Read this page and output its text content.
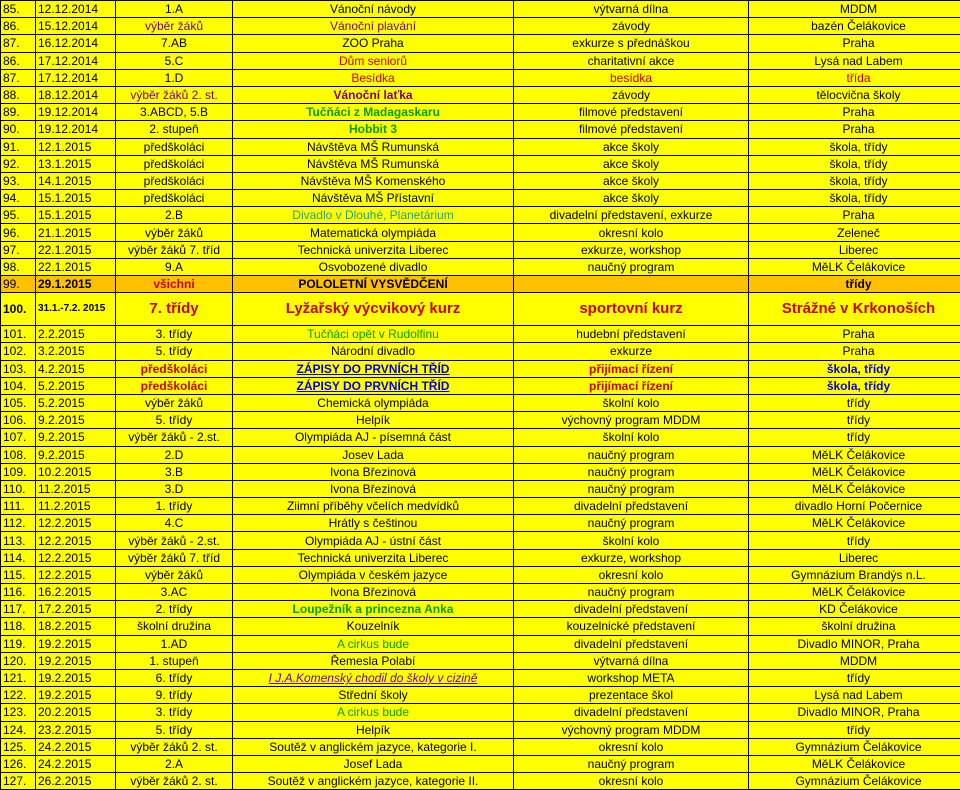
85.	12.12.2014	1.A	Vánoční návody	výtvarná dílna	MDDM
86.	15.12.2014	výběr žáků	Vánoční plavání	závody	bazén Čelákovice
87.	16.12.2014	7.AB	ZOO Praha	exkurze s přednáškou	Praha
86.	17.12.2014	5.C	Dům seniorů	charitativní akce	Lysá nad Labem
87.	17.12.2014	1.D	Besídka	besídka	třída
88.	18.12.2014	výběr žáků 2. st.	Vánoční laťka	závody	tělocvična školy
89.	19.12.2014	3.ABCD, 5.B	Tučňáci z Madagaskaru	filmové představení	Praha
90.	19.12.2014	2. stupeň	Hobbit 3	filmové představení	Praha
91.	12.1.2015	předškoláci	Návštěva MŠ Rumunská	akce školy	škola, třídy
92.	13.1.2015	předškoláci	Návštěva MŠ Rumunská	akce školy	škola, třídy
93.	14.1.2015	předškoláci	Návštěva MŠ Komenského	akce školy	škola, třídy
94.	15.1.2015	předškoláci	Návštěva MŠ Přístavní	akce školy	škola, třídy
95.	15.1.2015	2.B	Divadlo v Dlouhé, Planetárium	divadelní představení, exkurze	Praha
96.	21.1.2015	výběr žáků	Matematická olympiáda	okresní kolo	Zeleneč
97.	22.1.2015	výběr žáků 7. tříd	Technická univerzita Liberec	exkurze, workshop	Liberec
98.	22.1.2015	9.A	Osvobozené divadlo	naučný program	MěLK Čelákovice
99.	29.1.2015	všichni	POLOLETNÍ VYSVĚDČENÍ		třídy
100.	31.1.-7.2. 2015	7. třídy	Lyžařský výcvikový kurz	sportovní kurz	Strážné v Krkonoších
101.	2.2.2015	3. třídy	Tučňáci opět v Rudolfinu	hudební představení	Praha
102.	3.2.2015	5. třídy	Národní divadlo	exkurze	Praha
103.	4.2.2015	předškoláci	ZÁPISY DO PRVNÍCH TŘÍD	přijímací řízení	škola, třídy
104.	5.2.2015	předškoláci	ZÁPISY DO PRVNÍCH TŘÍD	přijímací řízení	škola, třídy
105.	5.2.2015	výběr žáků	Chemická olympiáda	školní kolo	třídy
106.	9.2.2015	5. třídy	Helpík	výchovný program MDDM	třídy
107.	9.2.2015	výběr žáků - 2.st.	Olympiáda AJ - písemná část	školní kolo	třídy
108.	9.2.2015	2.D	Josev Lada	naučný program	MěLK Čelákovice
109.	10.2.2015	3.B	Ivona Březinová	naučný program	MěLK Čelákovice
110.	11.2.2015	3.D	Ivona Březinová	naučný program	MěLK Čelákovice
111.	11.2.2015	1. třídy	Ziimní příběhy včelích medvídků	divadelní představení	divadlo Horní Počernice
112.	12.2.2015	4.C	Hrátly s češtinou	naučný program	MěLK Čelákovice
113.	12.2.2015	výběr žáků - 2.st.	Olympiáda AJ - ústní část	školní kolo	třídy
114.	12.2.2015	výběr žáků 7. tříd	Technická univerzita Liberec	exkurze, workshop	Liberec
115.	12.2.2015	výběr žáků	Olympiáda v českém jazyce	okresní kolo	Gymnázium Brandýs n.L.
116.	16.2.2015	3.AC	Ivona Březinová	naučný program	MěLK Čelákovice
117.	17.2.2015	2. třídy	Loupežník a princezna Anka	divadelní představení	KD Čelákovice
118.	18.2.2015	školní družina	Kouzelník	kouzelnické představení	školní družina
119.	19.2.2015	1.AD	A cirkus bude	divadelní představení	Divadlo MINOR, Praha
120.	19.2.2015	1. stupeň	Řemesla Polabí	výtvarná dílna	MDDM
121.	19.2.2015	6. třídy	I J.A.Komenský chodil do školy v cizině	workshop META	třídy
122.	19.2.2015	9. třídy	Střední školy	prezentace škol	Lysá nad Labem
123.	20.2.2015	3. třídy	A cirkus bude	divadelní představení	Divadlo MINOR, Praha
124.	23.2.2015	5. třídy	Helpík	výchovný program MDDM	třídy
125.	24.2.2015	výběr žáků 2. st.	Soutěž v anglickém jazyce, kategorie I.	okresní kolo	Gymnázium Čelákovice
126.	24.2.2015	2.A	Josef Lada	naučný program	MěLK Čelákovice
127.	26.2.2015	výběr žáků 2. st.	Soutěž v anglickém jazyce, kategorie II.	okresní kolo	Gymnázium Čelákovice
